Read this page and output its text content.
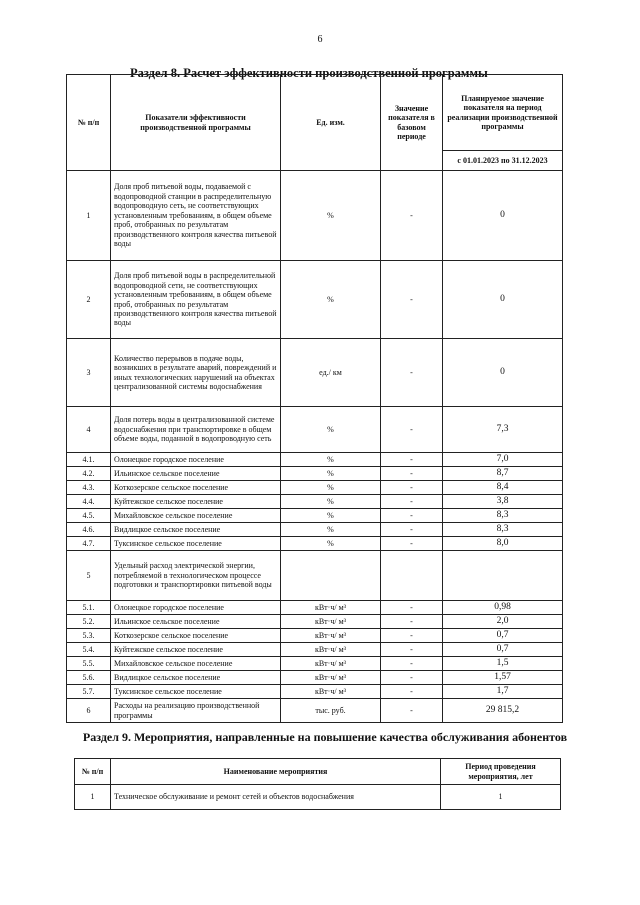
6
Раздел 8. Расчет эффективности производственной программы
№ п/п	Показатели эффективности производственной программы	Ед. изм.	Значение показателя в базовом периоде	Планируемое значение показателя на период реализации производственной программы
				с 01.01.2023 по 31.12.2023
1	Доля проб питьевой воды, подаваемой с водопроводной станции в распределительную водопроводную сеть, не соответствующих установленным требованиям, в общем объеме проб, отобранных по результатам производственного контроля качества питьевой воды	%	-	0
2	Доля проб питьевой воды в распределительной водопроводной сети, не соответствующих установленным требованиям, в общем объеме проб, отобранных по результатам производственного контроля качества питьевой воды	%	-	0
3	Количество перерывов в подаче воды, возникших в результате аварий, повреждений и иных технологических нарушений на объектах централизованной системы водоснабжения	ед./ км	-	0
4	Доля потерь воды в централизованной системе водоснабжения при транспортировке в общем объеме воды, поданной в водопроводную сеть	%	-	7,3
4.1.	Олонецкое городское поселение	%	-	7,0
4.2.	Ильинское сельское поселение	%	-	8,7
4.3.	Коткозерское сельское поселение	%	-	8,4
4.4.	Куйтежское сельское поселение	%	-	3,8
4.5.	Михайловское сельское поселение	%	-	8,3
4.6.	Видлицкое сельское поселение	%	-	8,3
4.7.	Туксинское сельское поселение	%	-	8,0
5	Удельный расход электрической энергии, потребляемой в технологическом процессе подготовки и транспортировки питьевой воды			
5.1.	Олонецкое городское поселение	кВт·ч/ м³	-	0,98
5.2.	Ильинское сельское поселение	кВт·ч/ м³	-	2,0
5.3.	Коткозерское сельское поселение	кВт·ч/ м³	-	0,7
5.4.	Куйтежское сельское поселение	кВт·ч/ м³	-	0,7
5.5.	Михайловское сельское поселение	кВт·ч/ м³	-	1,5
5.6.	Видлицкое сельское поселение	кВт·ч/ м³	-	1,57
5.7.	Туксинское сельское поселение	кВт·ч/ м³	-	1,7
6	Расходы на реализацию производственной программы	тыс. руб.	-	29 815,2
Раздел 9. Мероприятия, направленные на повышение качества обслуживания абонентов
№ п/п	Наименование мероприятия	Период проведения мероприятия, лет
1	Техническое обслуживание и ремонт сетей и объектов водоснабжения	1
